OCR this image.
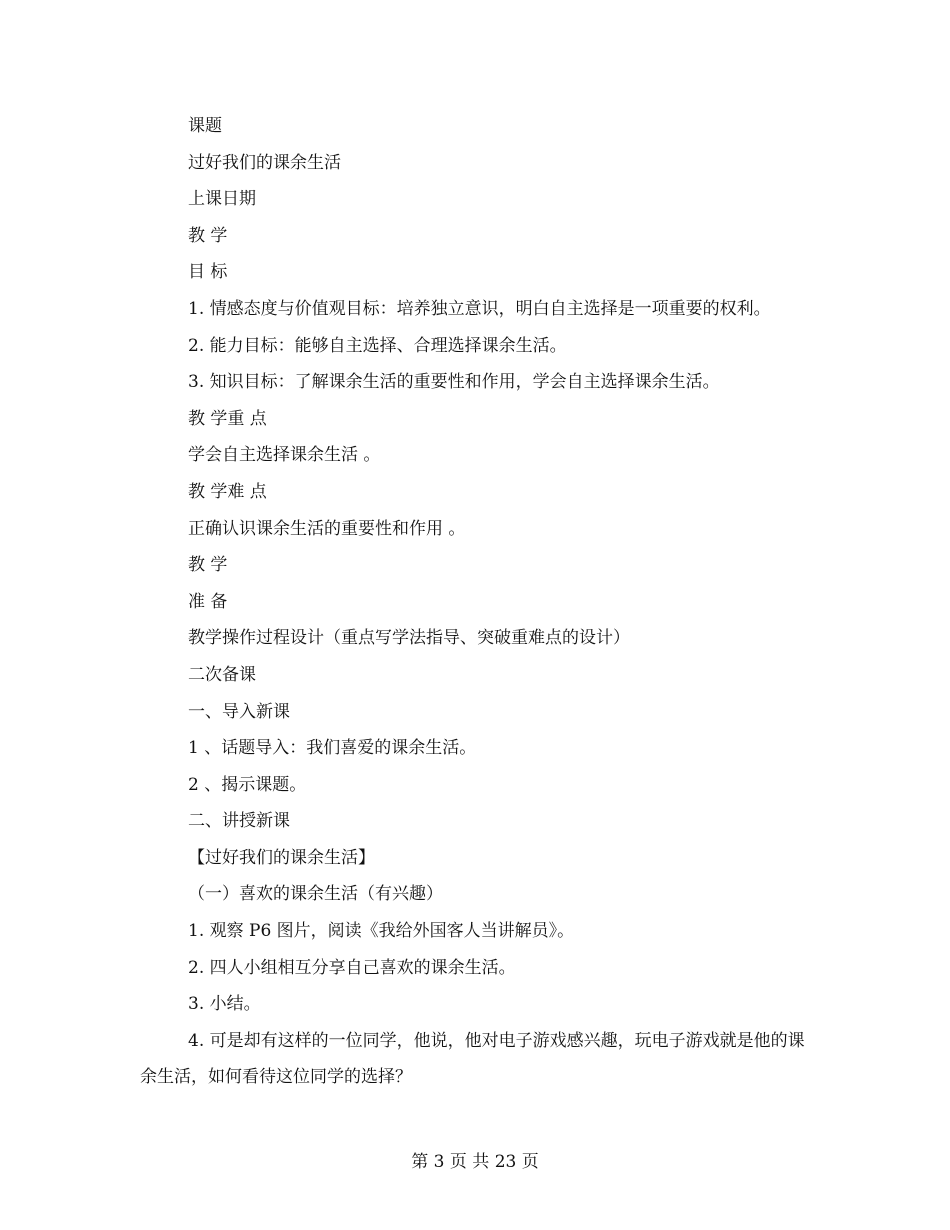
课题

过好我们的课余生活

上课日期

教 学

目 标

1. 情感态度与价值观目标：培养独立意识，明白自主选择是一项重要的权利。

2. 能力目标：能够自主选择、合理选择课余生活。

3. 知识目标：了解课余生活的重要性和作用，学会自主选择课余生活。

教 学重 点

学会自主选择课余生活 。

教 学难 点

正确认识课余生活的重要性和作用 。

教 学

准 备

教学操作过程设计（重点写学法指导、突破重难点的设计）

二次备课

一、导入新课

1 、话题导入：我们喜爱的课余生活。

2 、揭示课题。

二、讲授新课

【过好我们的课余生活】

（一）喜欢的课余生活（有兴趣）

1. 观察 P6 图片，阅读《我给外国客人当讲解员》。

2. 四人小组相互分享自己喜欢的课余生活。

3. 小结。

4. 可是却有这样的一位同学，他说，他对电子游戏感兴趣，玩电子游戏就是他的课余生活，如何看待这位同学的选择？

第 3 页 共 23 页
